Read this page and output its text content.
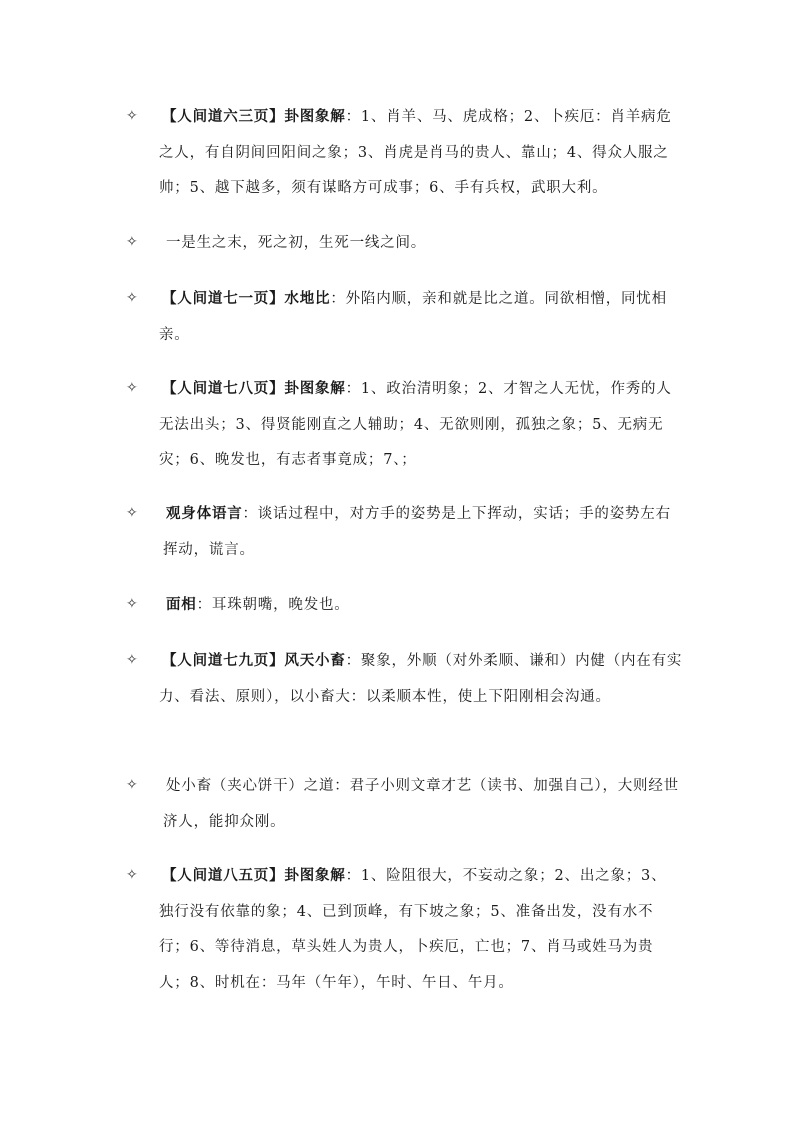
✧ 【人间道六三页】卦图象解：1、肖羊、马、虎成格；2、卜疾厄：肖羊病危之人，有自阴间回阳间之象；3、肖虎是肖马的贵人、靠山；4、得众人服之帅；5、越下越多，须有谋略方可成事；6、手有兵权，武职大利。
✧ 一是生之末，死之初，生死一线之间。
✧ 【人间道七一页】水地比：外陷内顺，亲和就是比之道。同欲相憎，同忧相亲。
✧ 【人间道七八页】卦图象解：1、政治清明象；2、才智之人无忧，作秀的人无法出头；3、得贤能刚直之人辅助；4、无欲则刚，孤独之象；5、无病无灾；6、晚发也，有志者事竟成；7、；
✧ 观身体语言：谈话过程中，对方手的姿势是上下挥动，实话；手的姿势左右挥动，谎言。
✧ 面相：耳珠朝嘴，晚发也。
✧ 【人间道七九页】风天小畜：聚象，外顺（对外柔顺、谦和）内健（内在有实力、看法、原则），以小畜大：以柔顺本性，使上下阳刚相会沟通。
✧ 处小畜（夹心饼干）之道：君子小则文章才艺（读书、加强自己），大则经世济人，能抑众刚。
✧ 【人间道八五页】卦图象解：1、险阻很大，不妄动之象；2、出之象；3、独行没有依靠的象；4、已到顶峰，有下坡之象；5、准备出发，没有水不行；6、等待消息，草头姓人为贵人，卜疾厄，亡也；7、肖马或姓马为贵人；8、时机在：马年（午年），午时、午日、午月。
